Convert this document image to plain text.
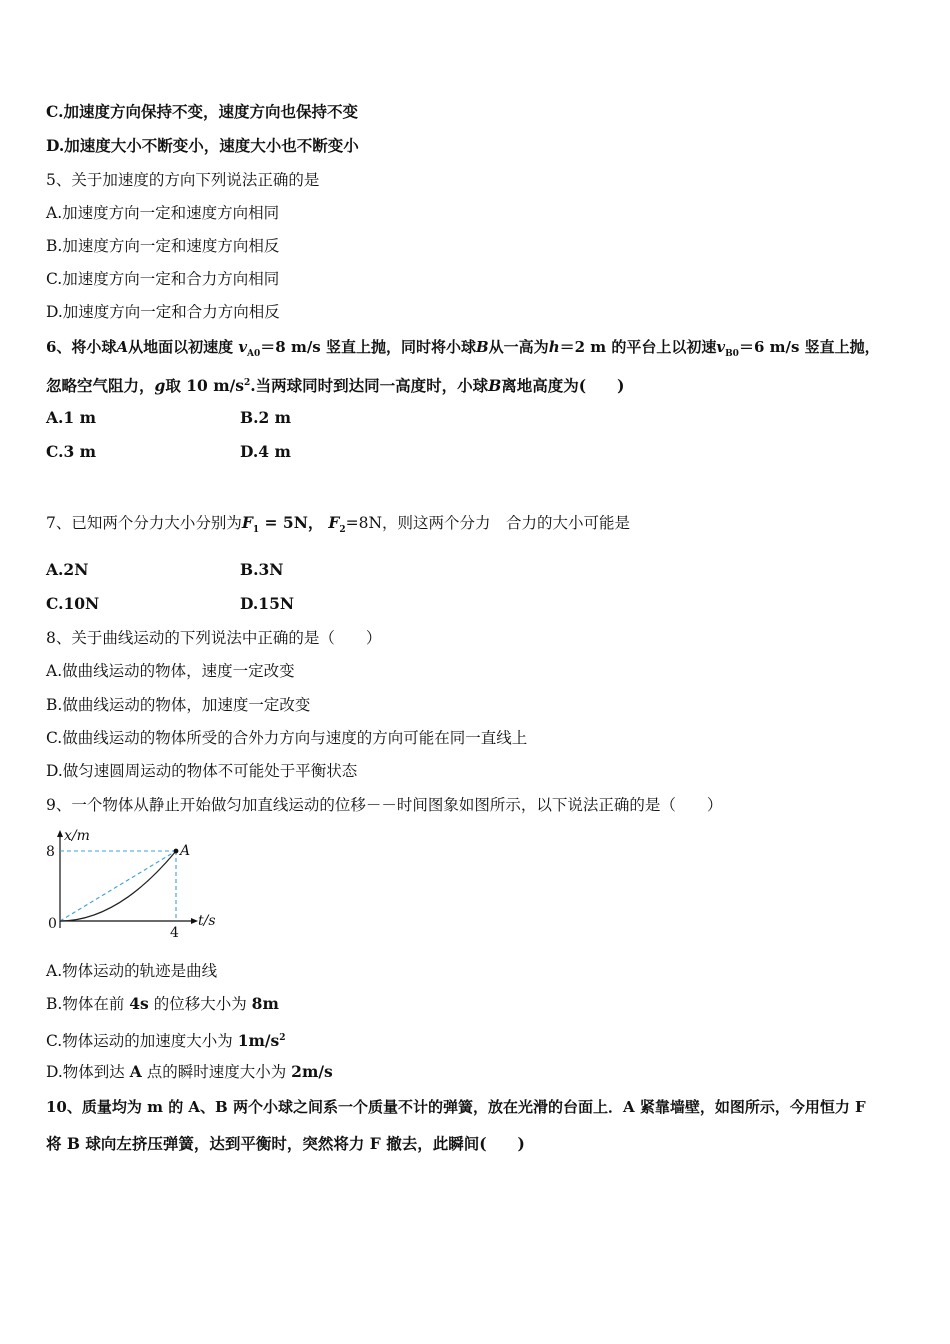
C.加速度方向保持不变，速度方向也保持不变
D.加速度大小不断变小，速度大小也不断变小
5、关于加速度的方向下列说法正确的是
A.加速度方向一定和速度方向相同
B.加速度方向一定和速度方向相反
C.加速度方向一定和合力方向相同
D.加速度方向一定和合力方向相反
6、将小球A从地面以初速度 $v_{A0}=8$ m/s 竖直上抛，同时将小球B从一高为h＝2 m 的平台上以初速$v_{B0}=6$ m/s 竖直上抛，
忽略空气阻力，g取 10 $m/s^2$.当两球同时到达同一高度时，小球B离地高度为(　　)
A.1 m	B.2 m
C.3 m	D.4 m
7、已知两个分力大小分别为$F_1 = 5N$， $F_2=8N$，则这两个分力　合力的大小可能是
A.2N	B.3N
C.10N	D.15N
8、关于曲线运动的下列说法中正确的是（　　）
A.做曲线运动的物体，速度一定改变
B.做曲线运动的物体，加速度一定改变
C.做曲线运动的物体所受的合外力方向与速度的方向可能在同一直线上
D.做匀速圆周运动的物体不可能处于平衡状态
9、一个物体从静止开始做匀加直线运动的位移－－时间图象如图所示，以下说法正确的是（　　）
x/m
8
0
4
t/s
A
A.物体运动的轨迹是曲线
B.物体在前 4s 的位移大小为 8m
C.物体运动的加速度大小为 $1m/s^2$
D.物体到达 A 点的瞬时速度大小为 2m/s
10、质量均为 m 的 A、B 两个小球之间系一个质量不计的弹簧，放在光滑的台面上．A 紧靠墙壁，如图所示，今用恒力 F
将 B 球向左挤压弹簧，达到平衡时，突然将力 F 撤去，此瞬间(　　)
